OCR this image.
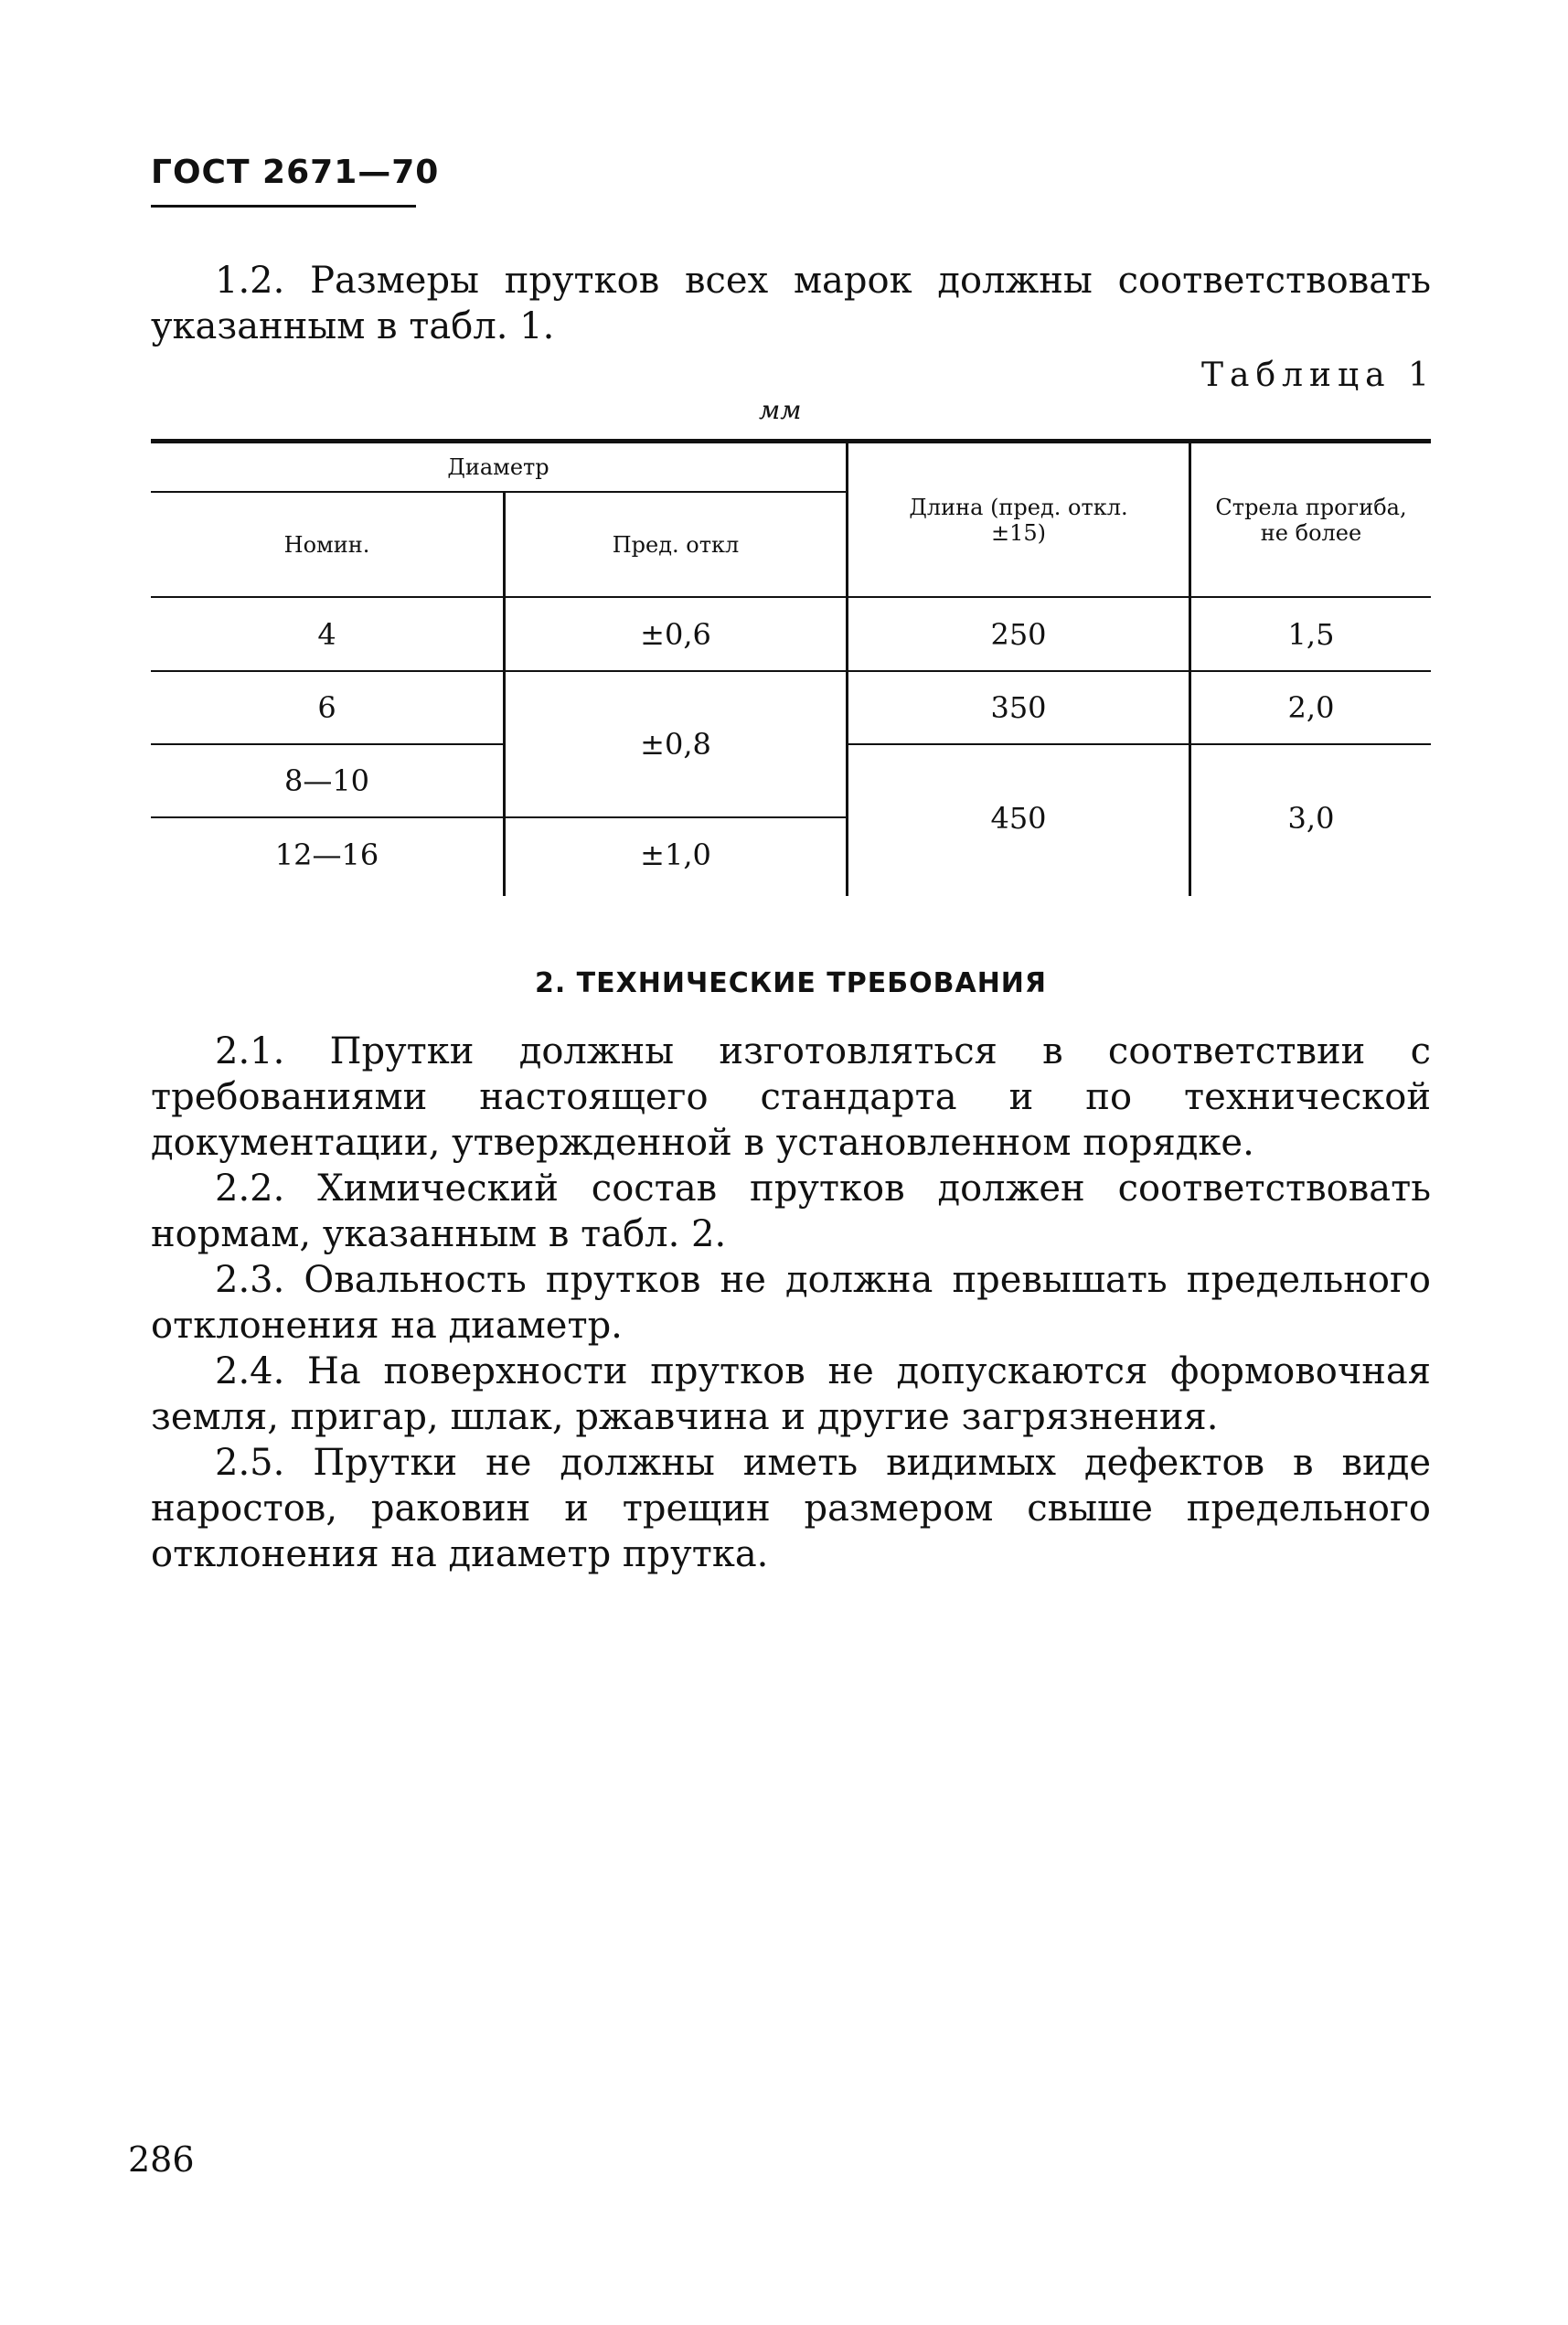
ГОСТ 2671—70
1.2. Размеры прутков всех марок должны соответствовать указанным в табл. 1.
Таблица 1
мм
Диаметр
Номин.	Пред. откл
Длина (пред. откл.
±15)
Стрела прогиба,
не более
4
6
8—10
12—16
±0,6
±0,8
±1,0
250
350
450
1,5
2,0
3,0
2. ТЕХНИЧЕСКИЕ ТРЕБОВАНИЯ

2.1. Прутки должны изготовляться в соответствии с требованиями настоящего стандарта и по технической документации, утвержденной в установленном порядке.

2.2. Химический состав прутков должен соответствовать нормам, указанным в табл. 2.

2.3. Овальность прутков не должна превышать предельного отклонения на диаметр.

2.4. На поверхности прутков не допускаются формовочная земля, пригар, шлак, ржавчина и другие загрязнения.

2.5. Прутки не должны иметь видимых дефектов в виде наростов, раковин и трещин размером свыше предельного отклонения на диаметр прутка.

286
